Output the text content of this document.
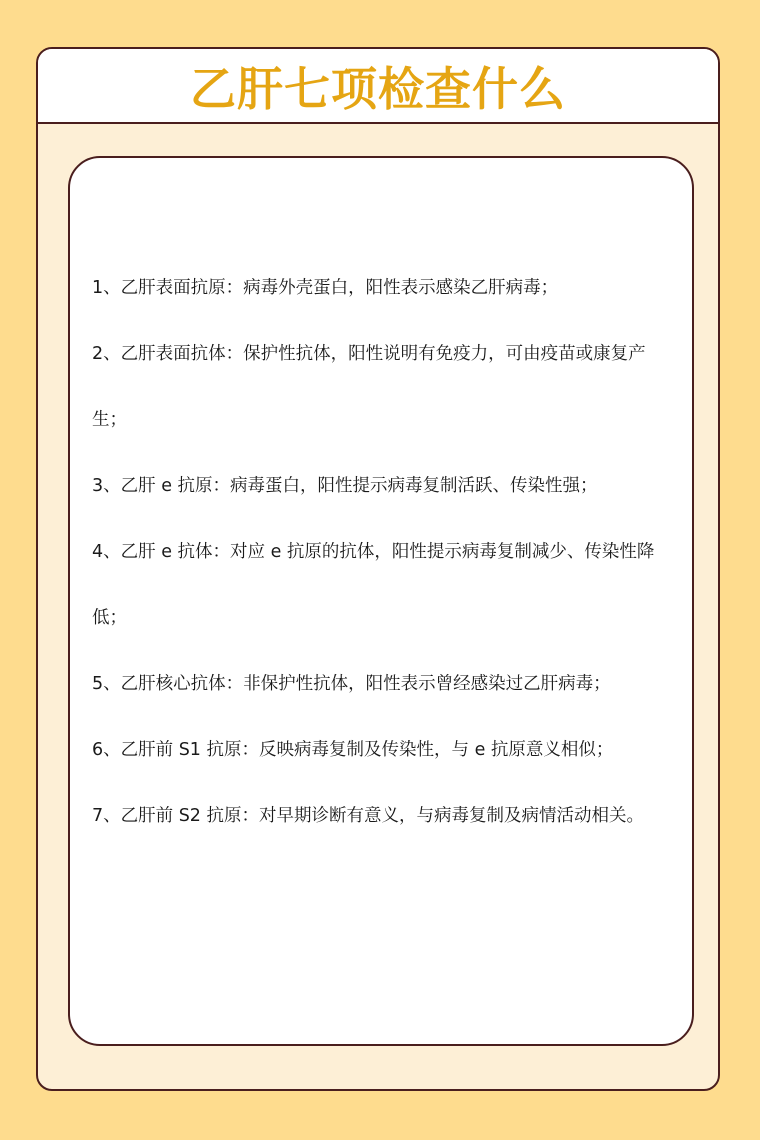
乙肝七项检查什么
1、乙肝表面抗原：病毒外壳蛋白，阳性表示感染乙肝病毒；
2、乙肝表面抗体：保护性抗体，阳性说明有免疫力，可由疫苗或康复产生；
3、乙肝 e 抗原：病毒蛋白，阳性提示病毒复制活跃、传染性强；
4、乙肝 e 抗体：对应 e 抗原的抗体，阳性提示病毒复制减少、传染性降低；
5、乙肝核心抗体：非保护性抗体，阳性表示曾经感染过乙肝病毒；
6、乙肝前 S1 抗原：反映病毒复制及传染性，与 e 抗原意义相似；
7、乙肝前 S2 抗原：对早期诊断有意义，与病毒复制及病情活动相关。
